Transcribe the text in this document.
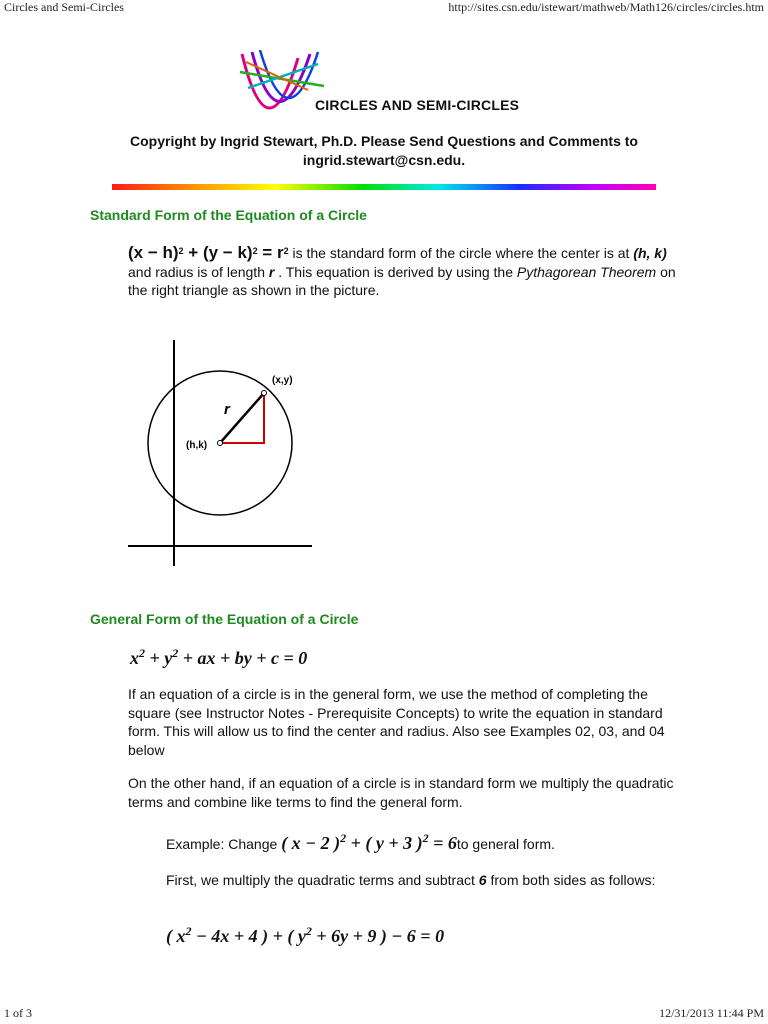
Circles and Semi-Circles	http://sites.csn.edu/istewart/mathweb/Math126/circles/circles.htm
CIRCLES AND SEMI-CIRCLES
Copyright by Ingrid Stewart, Ph.D. Please Send Questions and Comments to
ingrid.stewart@csn.edu.
Standard Form of the Equation of a Circle
$(x - h)^2 + (y - k)^2 = r^2$ is the standard form of the circle where the center is at (h, k) and radius is of length r . This equation is derived by using the Pythagorean Theorem on the right triangle as shown in the picture.
(x,y)
(h,k)
r
General Form of the Equation of a Circle
$x^2 + y^2$ + ax + by + c = 0
If an equation of a circle is in the general form, we use the method of completing the square (see Instructor Notes - Prerequisite Concepts) to write the equation in standard form. This will allow us to find the center and radius. Also see Examples 02, 03, and 04 below
On the other hand, if an equation of a circle is in standard form we multiply the quadratic terms and combine like terms to find the general form.
Example: Change ( x − 2 )$^2$ + ( y + 3 )$^2$ = 6to general form.
First, we multiply the quadratic terms and subtract 6 from both sides as follows:
( $x^2 - 4x + 4$ ) + ( $y^2 + 6y + 9$ ) − 6 = 0
1 of 3	12/31/2013 11:44 PM
